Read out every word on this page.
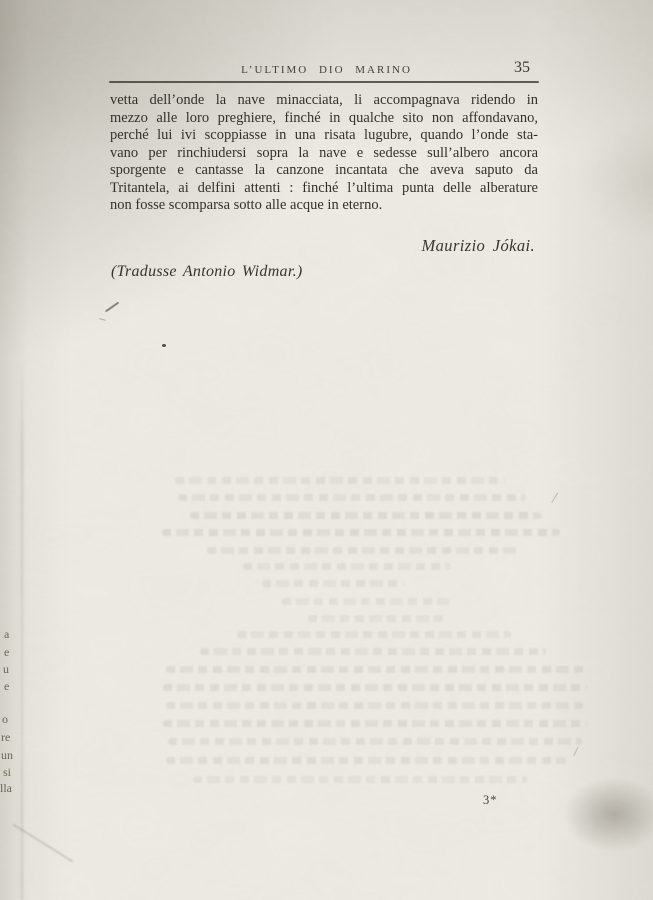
L’ULTIMO DIO MARINO	35
vetta dell’onde la nave minacciata, li accompagnava ridendo in
mezzo alle loro preghiere, finché in qualche sito non affondavano,
perché lui ivi scoppiasse in una risata lugubre, quando l’onde sta-
vano per rinchiudersi sopra la nave e sedesse sull’albero ancora
sporgente e cantasse la canzone incantata che aveva saputo da
Tritantela, ai delfini attenti : finché l’ultima punta delle alberature
non fosse scomparsa sotto alle acque in eterno.
Maurizio Jókai.
(Tradusse Antonio Widmar.)
3*
a
e
u
e
o
re
un
si
lla
